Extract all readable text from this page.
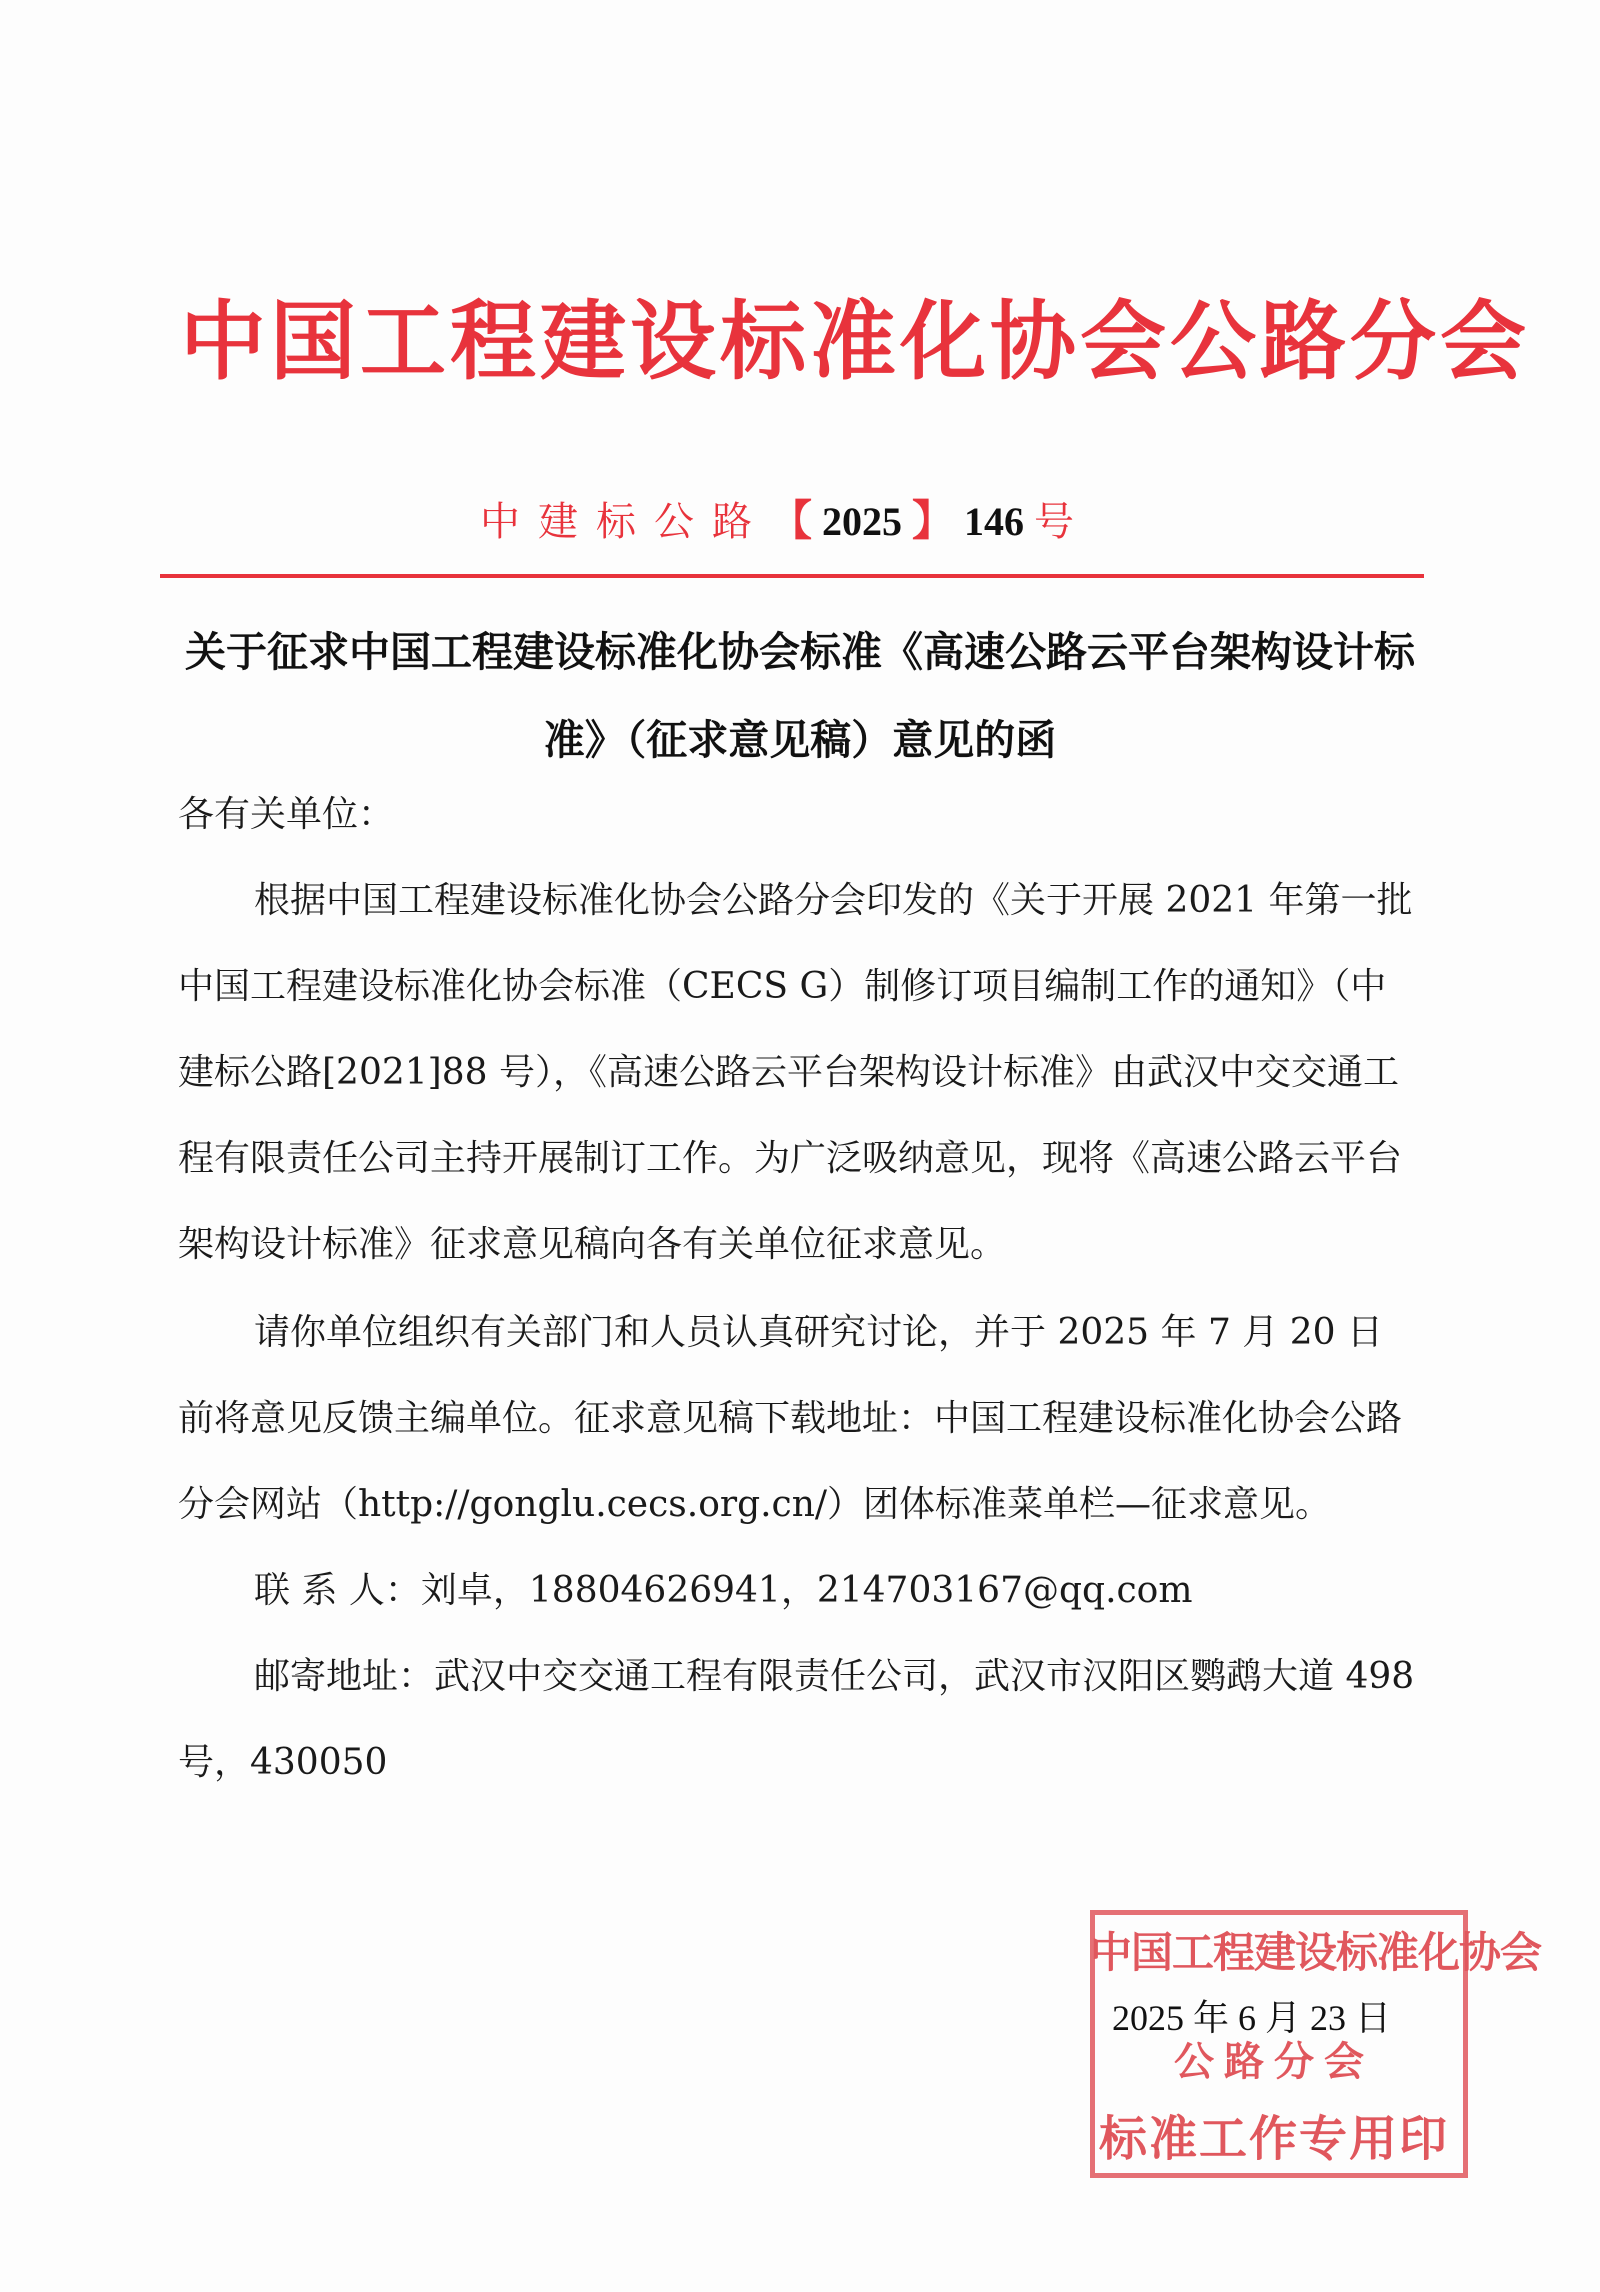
中国工程建设标准化协会公路分会
中建标公路【 2025 】 146 号
关于征求中国工程建设标准化协会标准《高速公路云平台架构设计标准》（征求意见稿）意见的函
各有关单位：
根据中国工程建设标准化协会公路分会印发的《关于开展 2021 年第一批中国工程建设标准化协会标准（CECS G）制修订项目编制工作的通知》（中建标公路[2021]88 号），《高速公路云平台架构设计标准》由武汉中交交通工程有限责任公司主持开展制订工作。为广泛吸纳意见，现将《高速公路云平台架构设计标准》征求意见稿向各有关单位征求意见。
请你单位组织有关部门和人员认真研究讨论，并于 2025 年 7 月 20 日前将意见反馈主编单位。征求意见稿下载地址：中国工程建设标准化协会公路分会网站（http://gonglu.cecs.org.cn/）团体标准菜单栏—征求意见。
联 系 人：刘卓，18804626941，214703167@qq.com
邮寄地址：武汉中交交通工程有限责任公司，武汉市汉阳区鹦鹉大道 498 号，430050
中国工程建设标准化协会
公路分会
标准工作专用印
2025 年 6 月 23 日
